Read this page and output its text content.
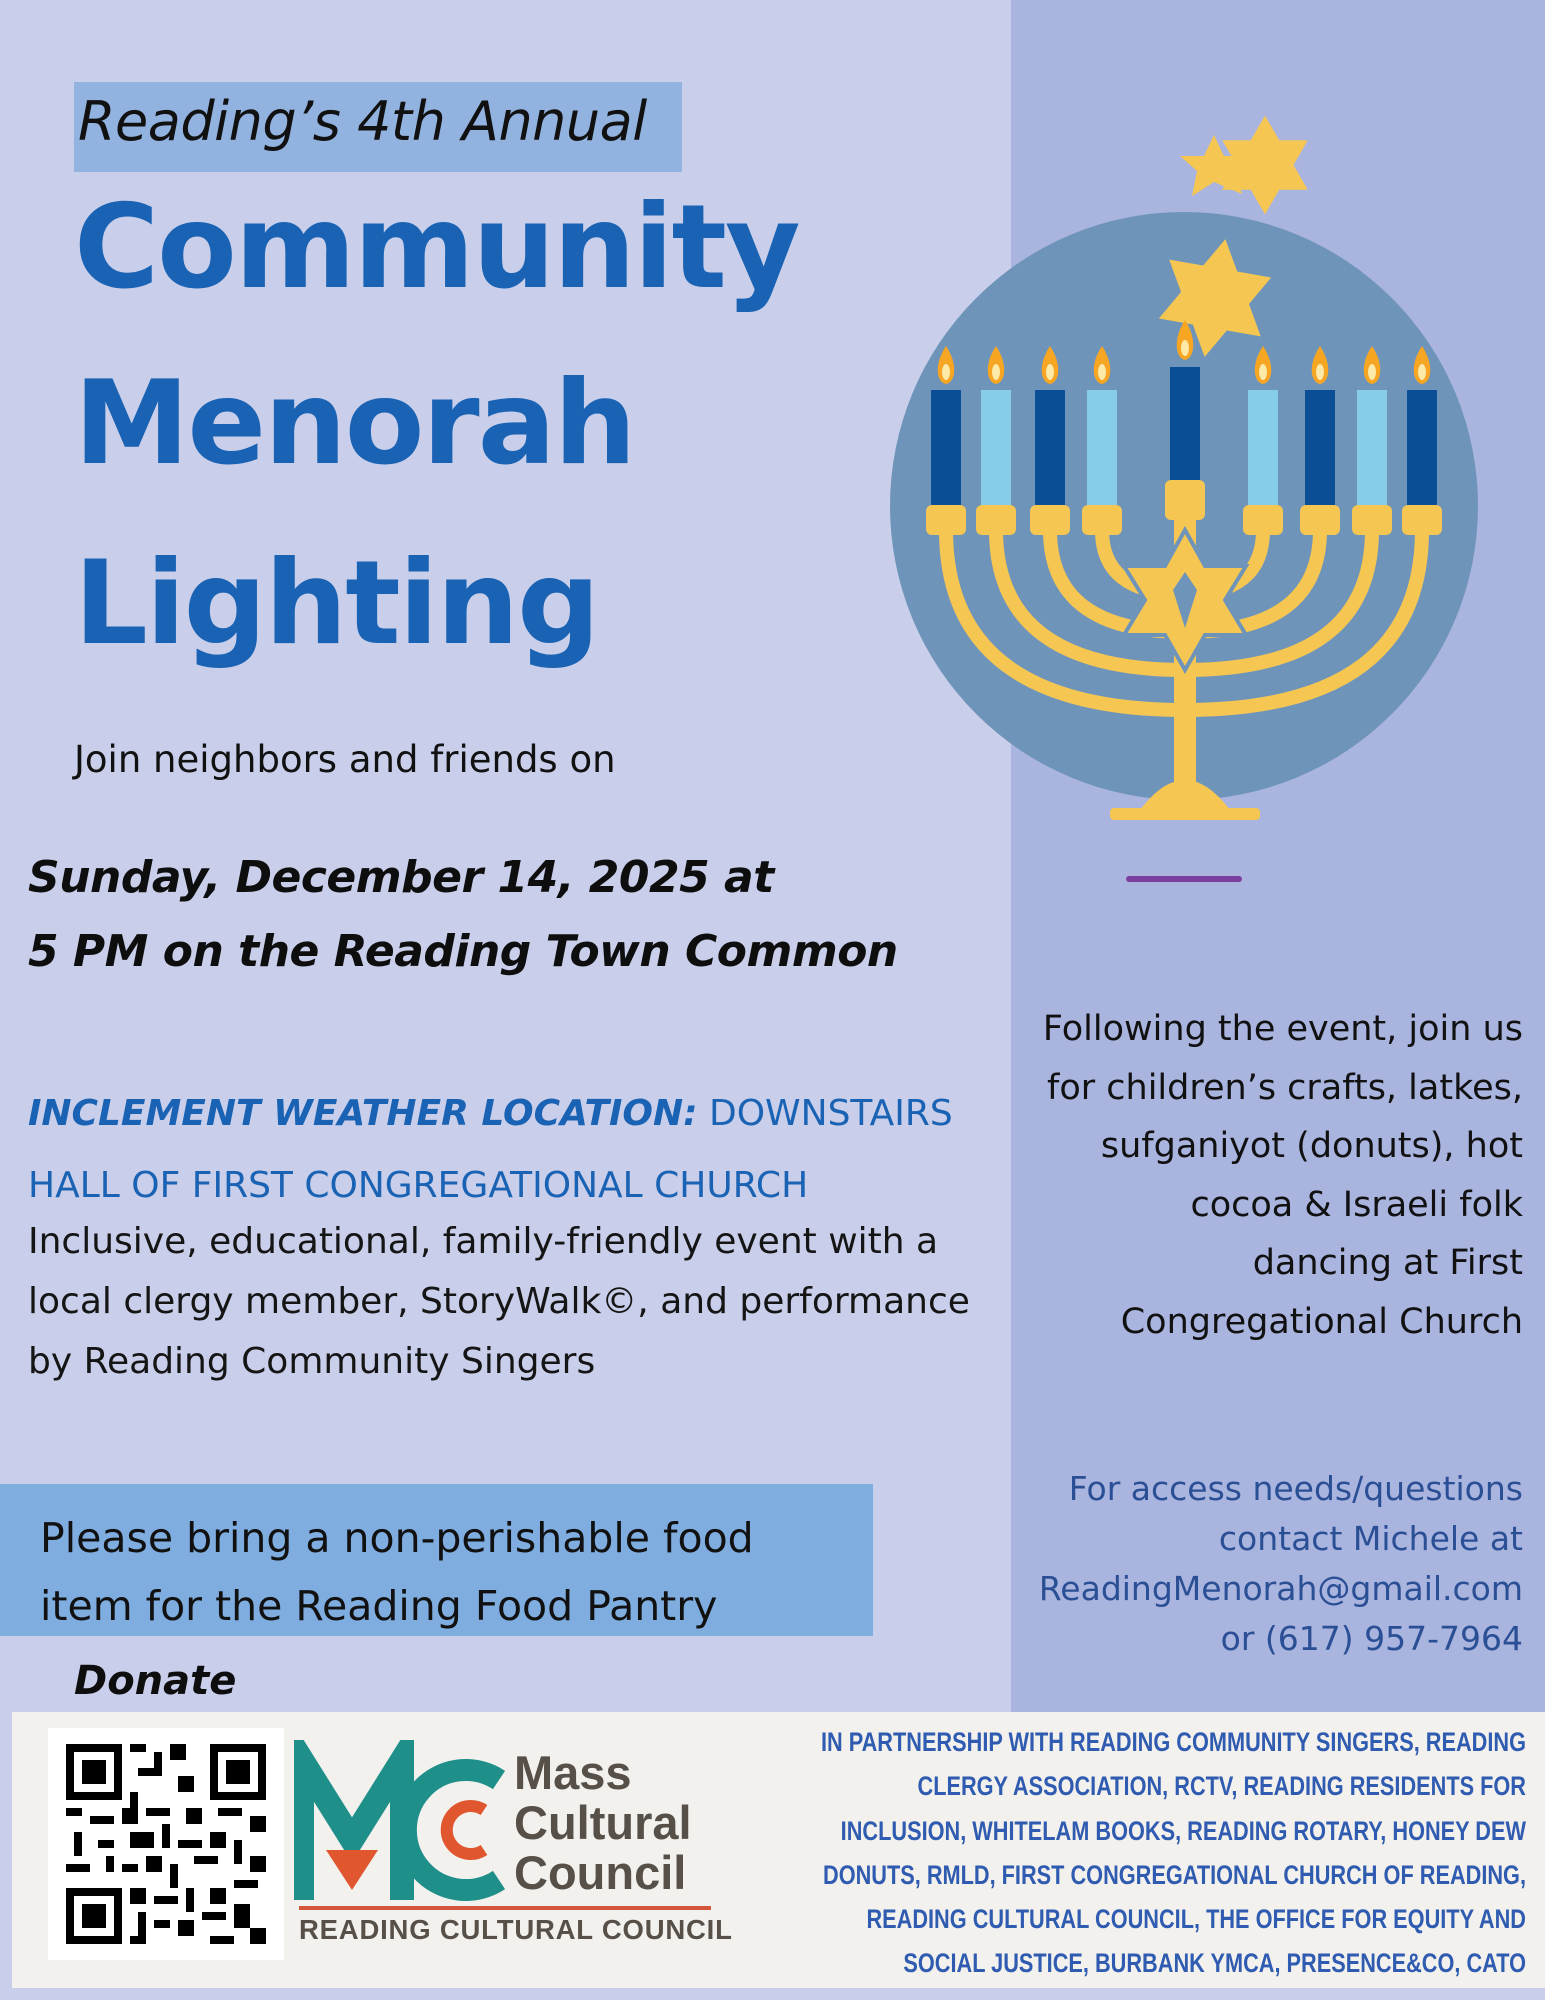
Reading’s 4th Annual
Community
Menorah
Lighting
Join neighbors and friends on
Sunday, December 14, 2025 at
5 PM on the Reading Town Common
INCLEMENT WEATHER LOCATION: DOWNSTAIRS HALL OF FIRST CONGREGATIONAL CHURCH
Inclusive, educational, family-friendly event with a local clergy member, StoryWalk©, and performance by Reading Community Singers
Following the event, join us
for children’s crafts, latkes,
sufganiyot (donuts), hot
cocoa & Israeli folk
dancing at First
Congregational Church
For access needs/questions
contact Michele at
ReadingMenorah@gmail.com
or (617) 957-7964
Please bring a non-perishable food
item for the Reading Food Pantry
Donate
Mass
Cultural
Council
READING CULTURAL COUNCIL
IN PARTNERSHIP WITH READING COMMUNITY SINGERS, READING
CLERGY ASSOCIATION, RCTV, READING RESIDENTS FOR
INCLUSION, WHITELAM BOOKS, READING ROTARY, HONEY DEW
DONUTS, RMLD, FIRST CONGREGATIONAL CHURCH OF READING,
READING CULTURAL COUNCIL, THE OFFICE FOR EQUITY AND
SOCIAL JUSTICE, BURBANK YMCA, PRESENCE&CO, CATO
